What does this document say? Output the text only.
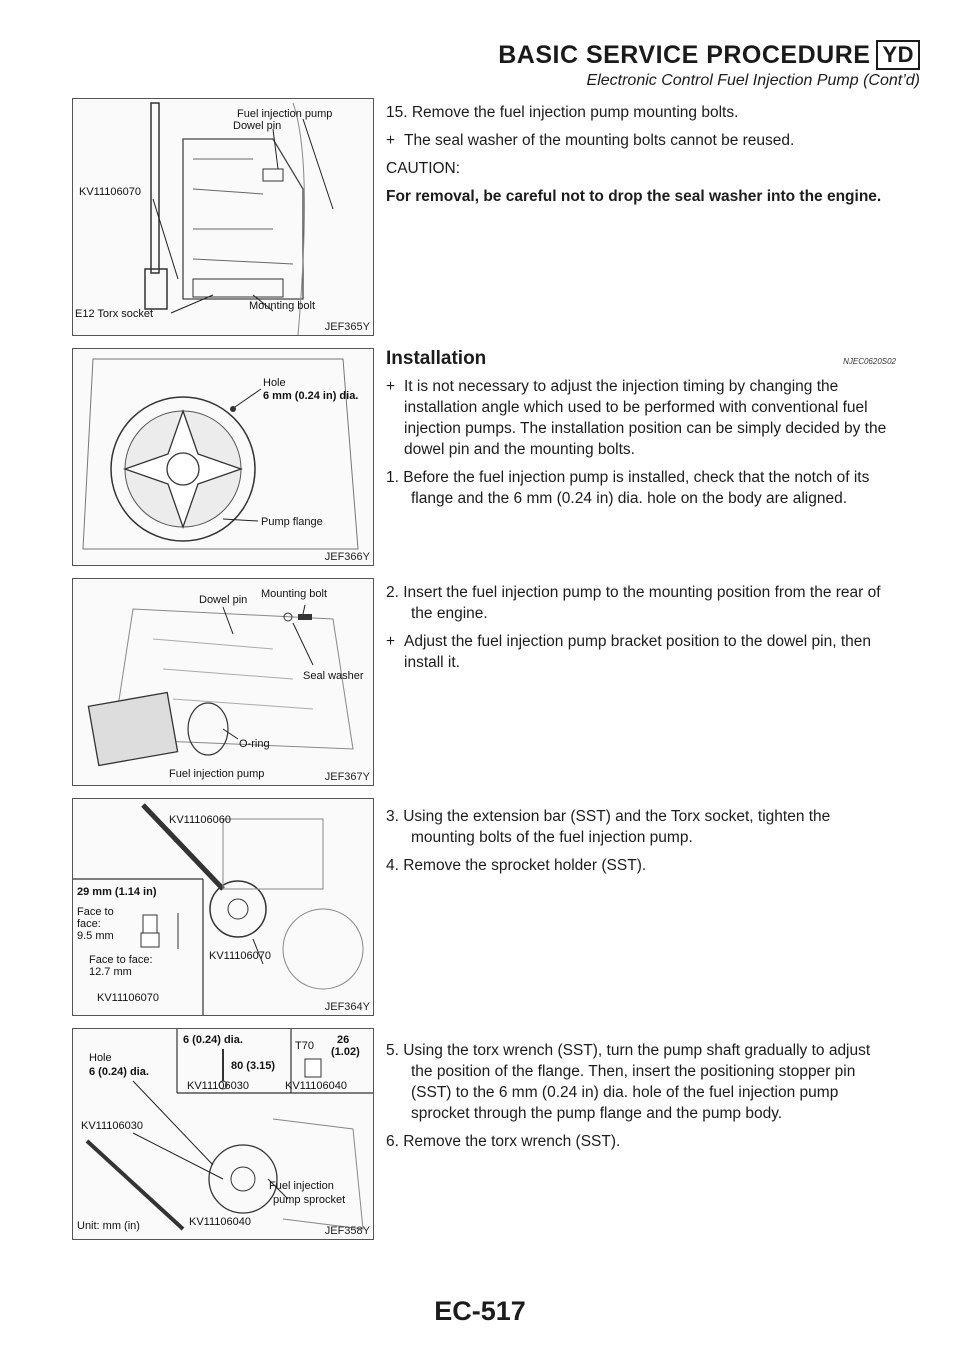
BASIC SERVICE PROCEDURE YD
Electronic Control Fuel Injection Pump (Cont’d)
Fuel injection pump
Dowel pin
KV11106070
E12 Torx socket
Mounting bolt
JEF365Y
Hole
6 mm (0.24 in) dia.
Pump flange
JEF366Y
Dowel pin Mounting bolt
Seal washer
O-ring
Fuel injection pump	JEF367Y
KV11106060
29 mm (1.14 in)
Face to
face:
9.5 mm
Face to face:
12.7 mm
KV11106070
KV11106070
JEF364Y
Hole
6 (0.24) dia.
6 (0.24) dia.
80 (3.15)
T70 26
(1.02)
KV11106030
KV11106030
KV11106040
KV11106040
Fuel injection
pump sprocket
Unit: mm (in)	JEF358Y

15. Remove the fuel injection pump mounting bolts.

+ The seal washer of the mounting bolts cannot be reused.

CAUTION:

For removal, be careful not to drop the seal washer into the engine.

Installation	NJEC0620S02

+ It is not necessary to adjust the injection timing by changing the installation angle which used to be performed with conventional fuel injection pumps. The installation position can be simply decided by the dowel pin and the mounting bolts.

1. Before the fuel injection pump is installed, check that the notch of its flange and the 6 mm (0.24 in) dia. hole on the body are aligned.

2. Insert the fuel injection pump to the mounting position from the rear of the engine.

+ Adjust the fuel injection pump bracket position to the dowel pin, then install it.

3. Using the extension bar (SST) and the Torx socket, tighten the mounting bolts of the fuel injection pump.

4. Remove the sprocket holder (SST).

5. Using the torx wrench (SST), turn the pump shaft gradually to adjust the position of the flange. Then, insert the positioning stopper pin (SST) to the 6 mm (0.24 in) dia. hole of the fuel injection pump sprocket through the pump flange and the pump body.

6. Remove the torx wrench (SST).

EC-517
